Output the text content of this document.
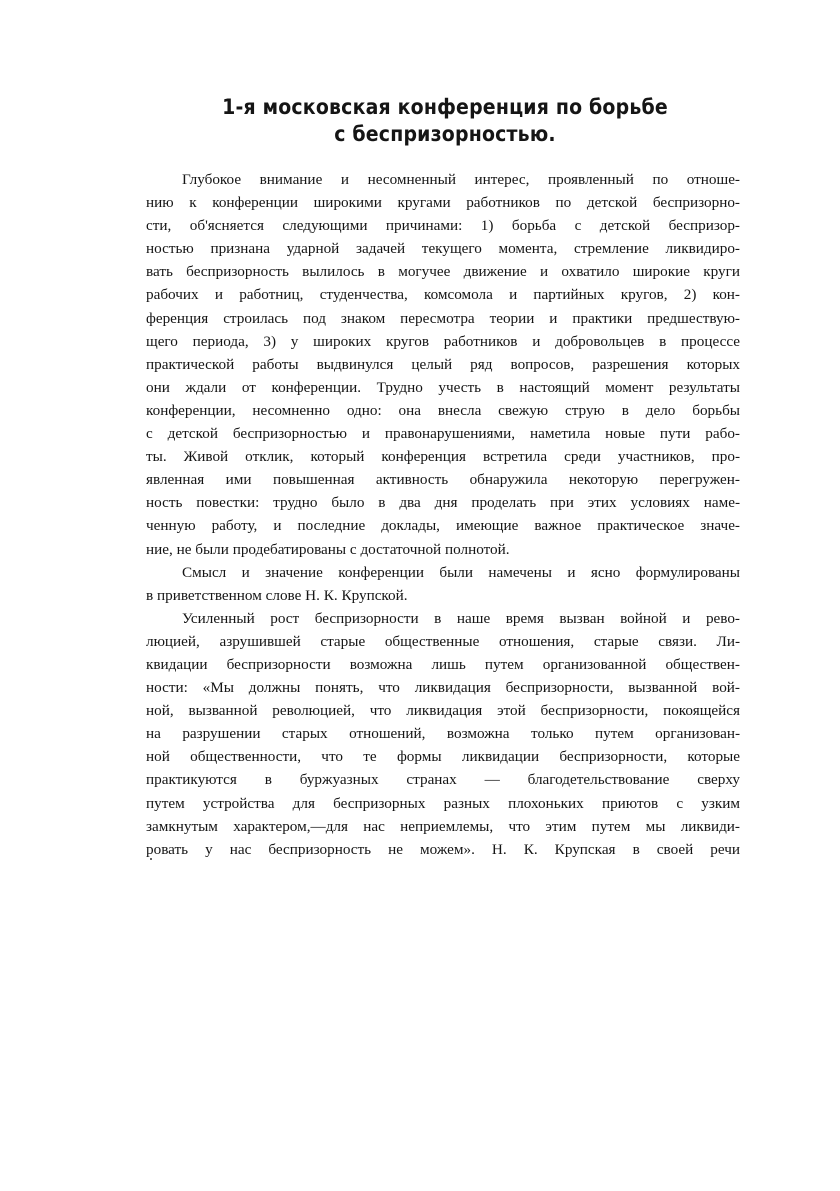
1-я московская конференция по борьбе
с беспризорностью.
Глубокое внимание и несомненный интерес, проявленный по отноше-
нию к конференции широкими кругами работников по детской беспризорно-
сти, об'ясняется следующими причинами: 1) борьба с детской беспризор-
ностью признана ударной задачей текущего момента, стремление ликвидиро-
вать беспризорность вылилось в могучее движение и охватило широкие круги
рабочих и работниц, студенчества, комсомола и партийных кругов, 2) кон-
ференция строилась под знаком пересмотра теории и практики предшествую-
щего периода, 3) у широких кругов работников и добровольцев в процессе
практической работы выдвинулся целый ряд вопросов, разрешения которых
они ждали от конференции. Трудно учесть в настоящий момент результаты
конференции, несомненно одно: она внесла свежую струю в дело борьбы
с детской беспризорностью и правонарушениями, наметила новые пути рабо-
ты. Живой отклик, который конференция встретила среди участников, про-
явленная ими повышенная активность обнаружила некоторую перегружен-
ность повестки: трудно было в два дня проделать при этих условиях наме-
ченную работу, и последние доклады, имеющие важное практическое значе-
ние, не были продебатированы с достаточной полнотой.
Смысл и значение конференции были намечены и ясно формулированы
в приветственном слове Н. К. Крупской.
Усиленный рост беспризорности в наше время вызван войной и рево-
люцией, азрушившей старые общественные отношения, старые связи. Ли-
квидации беспризорности возможна лишь путем организованной обществен-
ности: «Мы должны понять, что ликвидация беспризорности, вызванной вой-
ной, вызванной революцией, что ликвидация этой беспризорности, покоящейся
на разрушении старых отношений, возможна только путем организован-
ной общественности, что те формы ликвидации беспризорности, которые
практикуются в буржуазных странах — благодетельствование сверху
путем устройства для беспризорных разных плохоньких приютов с узким
замкнутым характером,—для нас неприемлемы, что этим путем мы ликвиди-
ровать у нас беспризорность не можем». Н. К. Крупская в своей речи
